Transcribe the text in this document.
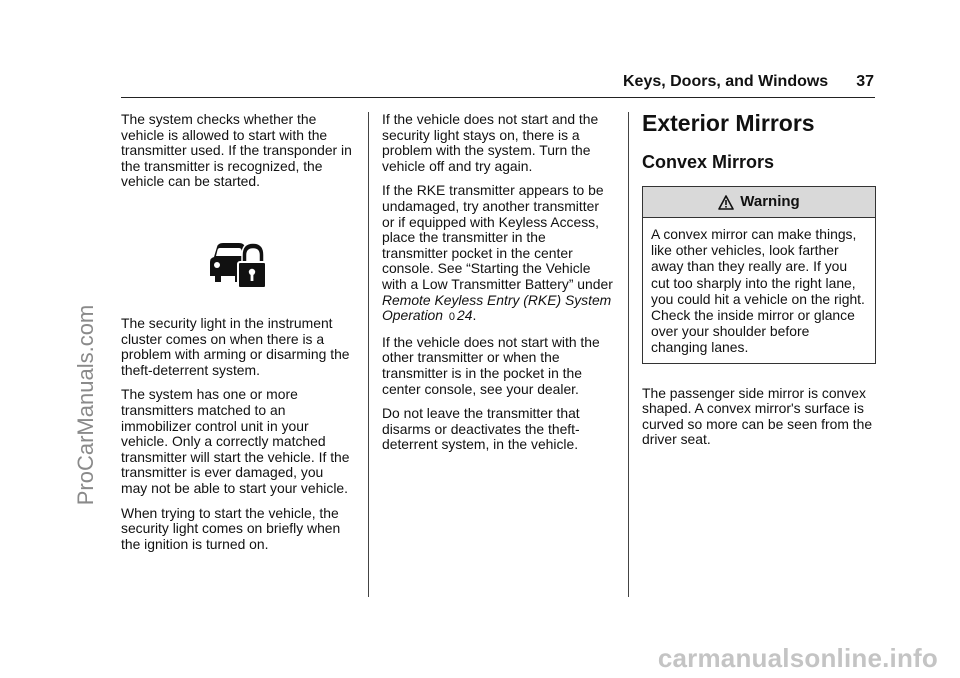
Keys, Doors, and Windows 37

The system checks whether the vehicle is allowed to start with the transmitter used. If the transponder in the transmitter is recognized, the vehicle can be started.

The security light in the instrument cluster comes on when there is a problem with arming or disarming the theft-deterrent system.

The system has one or more transmitters matched to an immobilizer control unit in your vehicle. Only a correctly matched transmitter will start the vehicle. If the transmitter is ever damaged, you may not be able to start your vehicle.

When trying to start the vehicle, the security light comes on briefly when the ignition is turned on.

If the vehicle does not start and the security light stays on, there is a problem with the system. Turn the vehicle off and try again.

If the RKE transmitter appears to be undamaged, try another transmitter or if equipped with Keyless Access, place the transmitter in the transmitter pocket in the center console. See “Starting the Vehicle with a Low Transmitter Battery” under Remote Keyless Entry (RKE) System Operation 0 24.

If the vehicle does not start with the other transmitter or when the transmitter is in the pocket in the center console, see your dealer.

Do not leave the transmitter that disarms or deactivates the theft-deterrent system, in the vehicle.

Exterior Mirrors
Convex Mirrors
Warning
A convex mirror can make things, like other vehicles, look farther away than they really are. If you cut too sharply into the right lane, you could hit a vehicle on the right. Check the inside mirror or glance over your shoulder before changing lanes.

The passenger side mirror is convex shaped. A convex mirror's surface is curved so more can be seen from the driver seat.

ProCarManuals.com
carmanualsonline.info
